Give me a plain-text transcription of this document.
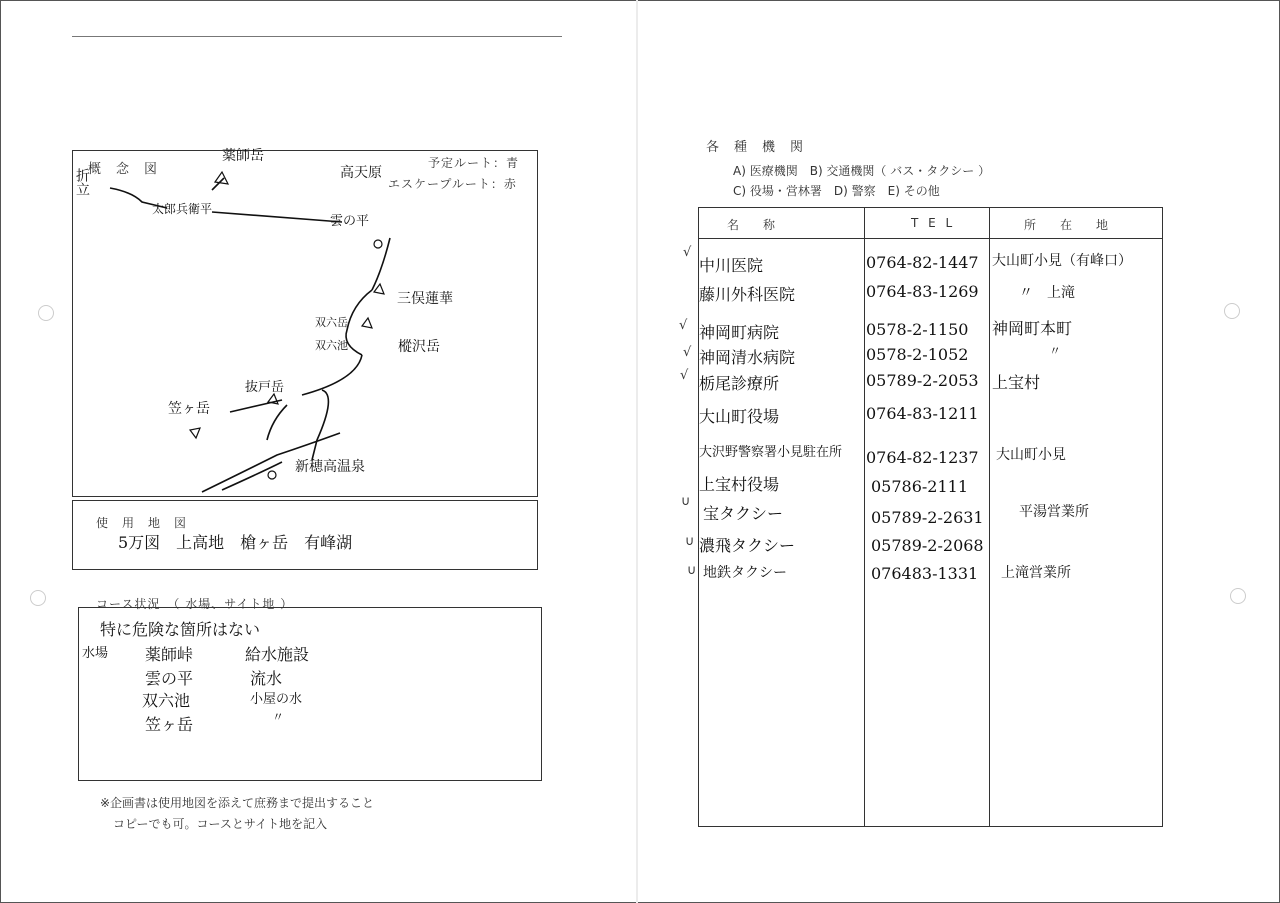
概　念　図	予定ルート：青
エスケープルート：赤
薬師岳
折立
太郎兵衛平
高天原
雲の平
三俣蓮華
双六岳
双六池	樅沢岳
抜戸岳
笠ヶ岳
新穂高温泉
使　用　地　図
5万図　上高地　槍ヶ岳　有峰湖
コース状況　（ 水場、サイト地 ）
特に危険な箇所はない
水場 薬師峠	給水施設
雲の平	流水
双六池	小屋の水
笠ヶ岳	〃
※企画書は使用地図を添えて庶務まで提出すること
コピーでも可。コースとサイト地を記入
各　種　機　関
A) 医療機関　B) 交通機関（ バス・タクシー ）
C) 役場・営林署　D) 警察　E) その他
名　称	T E L	所　在　地
中川医院	0764-82-1447 大山町小見（有峰口）
藤川外科医院	0764-83-1269	〃　上滝
神岡町病院	0578-2-1150 神岡町本町
神岡清水病院	0578-2-1052	〃
栃尾診療所	05789-2-2053 上宝村
大山町役場	0764-83-1211
大沢野警察署小見駐在所 0764-82-1237 大山町小見
上宝村役場	05786-2111
宝タクシー	05789-2-2631	平湯営業所
濃飛タクシー	05789-2-2068
地鉄タクシー	076483-1331 上滝営業所
√
√
√
√
∪
∪
∪
